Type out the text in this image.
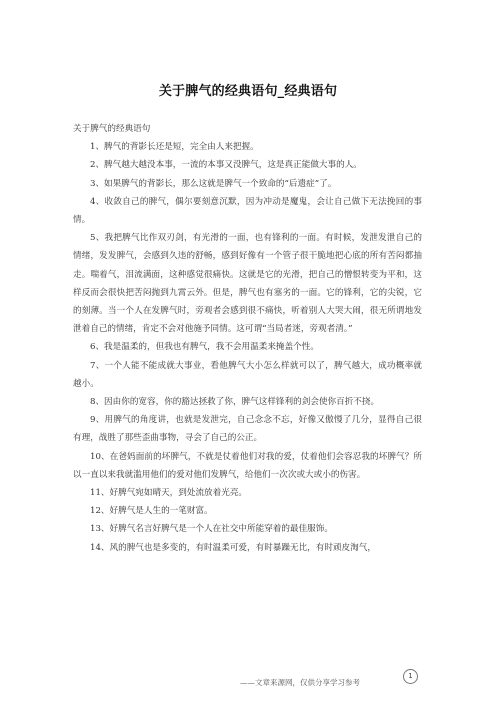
关于脾气的经典语句_经典语句

关于脾气的经典语句

1、脾气的背影长还是短，完全由人来把握。

2、脾气越大越没本事，一流的本事又没脾气，这是真正能做大事的人。

3、如果脾气的背影长，那么这就是脾气一个致命的“后遗症”了。

4、收敛自己的脾气，偶尔要刻意沉默，因为冲动是魔鬼，会让自己做下无法挽回的事情。

5、我把脾气比作双刃剑，有光滑的一面，也有锋利的一面。有时候，发泄发泄自己的情绪，发发脾气，会感到久违的舒畅，感到好像有一个管子很干脆地把心底的所有苦闷都抽走。喘着气，泪流满面，这种感觉很痛快。这就是它的光滑，把自己的憎恨转变为平和，这样反而会很快把苦闷抛到九霄云外。但是，脾气也有塞劣的一面。它的锋利，它的尖锐，它的刻薄。当一个人在发脾气时，旁观者会感到很不痛快，听着别人大哭大闹，很无所谓地发泄着自己的情绪，肯定不会对他施予同情。这可谓“当局者迷，旁观者清。”

6、我是温柔的，但我也有脾气，我不会用温柔来掩盖个性。

7、一个人能不能成就大事业，看他脾气大小怎么样就可以了，脾气越大，成功概率就越小。

8、因由你的宽容，你的豁达拯救了你，脾气这样锋利的剑会使你百折不挠。

9、用脾气的角度讲，也就是发泄完，自己念念不忘，好像又傲慢了几分，显得自己很有理，战胜了那些歪曲事物，寻会了自己的公正。

10、在爸妈面前的坏脾气，不就是仗着他们对我的爱，仗着他们会容忍我的坏脾气？所以一直以来我就滥用他们的爱对他们发脾气，给他们一次次或大或小的伤害。

11、好脾气宛如晴天，到处流放着光亮。

12、好脾气是人生的一笔财富。

13、好脾气名言好脾气是一个人在社交中所能穿着的最佳服饰。

14、风的脾气也是多变的，有时温柔可爱，有时暴躁无比，有时顽皮淘气，

1
——文章来源网，仅供分享学习参考
